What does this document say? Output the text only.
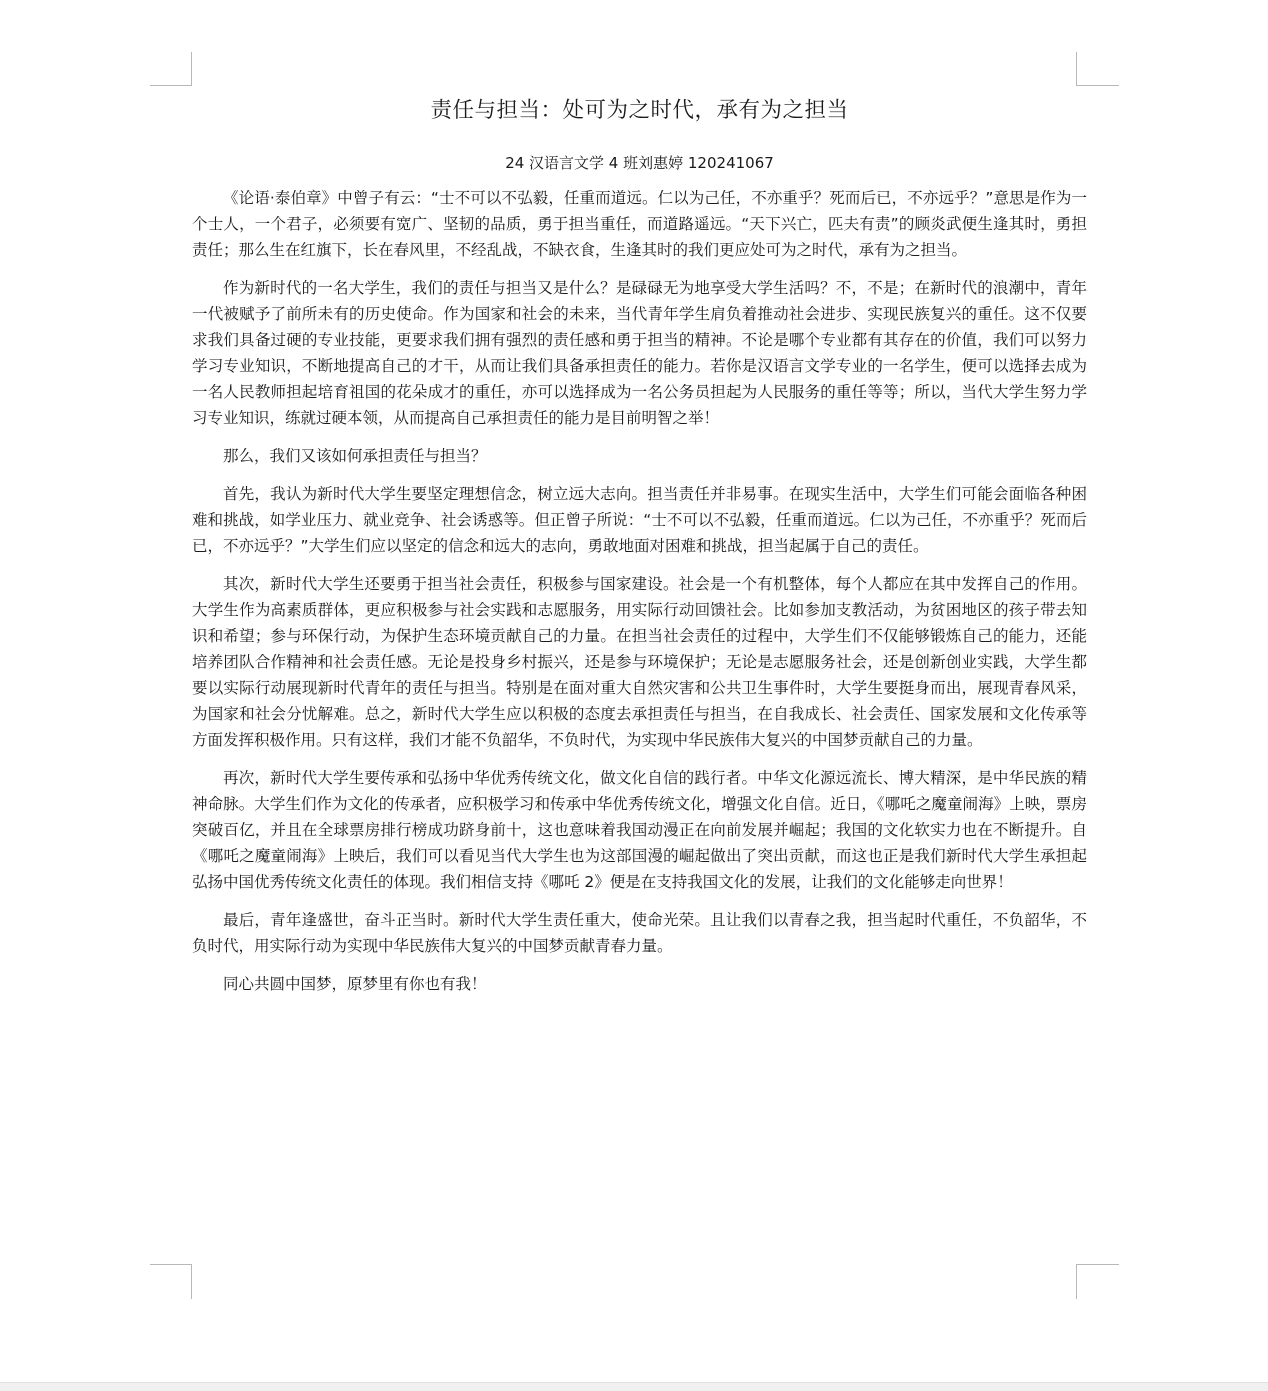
责任与担当：处可为之时代，承有为之担当

24 汉语言文学 4 班刘惠婷 120241067

《论语·泰伯章》中曾子有云：“士不可以不弘毅，任重而道远。仁以为己任，不亦重乎？死而后已，不亦远乎？”意思是作为一个士人，一个君子，必须要有宽广、坚韧的品质，勇于担当重任，而道路遥远。“天下兴亡，匹夫有责”的顾炎武便生逢其时，勇担责任；那么生在红旗下，长在春风里，不经乱战，不缺衣食，生逢其时的我们更应处可为之时代，承有为之担当。

作为新时代的一名大学生，我们的责任与担当又是什么？是碌碌无为地享受大学生活吗？不，不是；在新时代的浪潮中，青年一代被赋予了前所未有的历史使命。作为国家和社会的未来，当代青年学生肩负着推动社会进步、实现民族复兴的重任。这不仅要求我们具备过硬的专业技能，更要求我们拥有强烈的责任感和勇于担当的精神。不论是哪个专业都有其存在的价值，我们可以努力学习专业知识，不断地提高自己的才干，从而让我们具备承担责任的能力。若你是汉语言文学专业的一名学生，便可以选择去成为一名人民教师担起培育祖国的花朵成才的重任，亦可以选择成为一名公务员担起为人民服务的重任等等；所以，当代大学生努力学习专业知识，练就过硬本领，从而提高自己承担责任的能力是目前明智之举！

那么，我们又该如何承担责任与担当？

首先，我认为新时代大学生要坚定理想信念，树立远大志向。担当责任并非易事。在现实生活中，大学生们可能会面临各种困难和挑战，如学业压力、就业竞争、社会诱惑等。但正曾子所说：“士不可以不弘毅，任重而道远。仁以为己任，不亦重乎？死而后已，不亦远乎？”大学生们应以坚定的信念和远大的志向，勇敢地面对困难和挑战，担当起属于自己的责任。

其次，新时代大学生还要勇于担当社会责任，积极参与国家建设。社会是一个有机整体，每个人都应在其中发挥自己的作用。大学生作为高素质群体，更应积极参与社会实践和志愿服务，用实际行动回馈社会。比如参加支教活动，为贫困地区的孩子带去知识和希望；参与环保行动，为保护生态环境贡献自己的力量。在担当社会责任的过程中，大学生们不仅能够锻炼自己的能力，还能培养团队合作精神和社会责任感。无论是投身乡村振兴，还是参与环境保护；无论是志愿服务社会，还是创新创业实践，大学生都要以实际行动展现新时代青年的责任与担当。特别是在面对重大自然灾害和公共卫生事件时，大学生要挺身而出，展现青春风采，为国家和社会分忧解难。总之，新时代大学生应以积极的态度去承担责任与担当，在自我成长、社会责任、国家发展和文化传承等方面发挥积极作用。只有这样，我们才能不负韶华，不负时代，为实现中华民族伟大复兴的中国梦贡献自己的力量。

再次，新时代大学生要传承和弘扬中华优秀传统文化，做文化自信的践行者。中华文化源远流长、博大精深，是中华民族的精神命脉。大学生们作为文化的传承者，应积极学习和传承中华优秀传统文化，增强文化自信。近日，《哪吒之魔童闹海》上映，票房突破百亿，并且在全球票房排行榜成功跻身前十，这也意味着我国动漫正在向前发展并崛起；我国的文化软实力也在不断提升。自《哪吒之魔童闹海》上映后，我们可以看见当代大学生也为这部国漫的崛起做出了突出贡献，而这也正是我们新时代大学生承担起弘扬中国优秀传统文化责任的体现。我们相信支持《哪吒 2》便是在支持我国文化的发展，让我们的文化能够走向世界！

最后，青年逢盛世，奋斗正当时。新时代大学生责任重大，使命光荣。且让我们以青春之我，担当起时代重任，不负韶华，不负时代，用实际行动为实现中华民族伟大复兴的中国梦贡献青春力量。

同心共圆中国梦，原梦里有你也有我！
